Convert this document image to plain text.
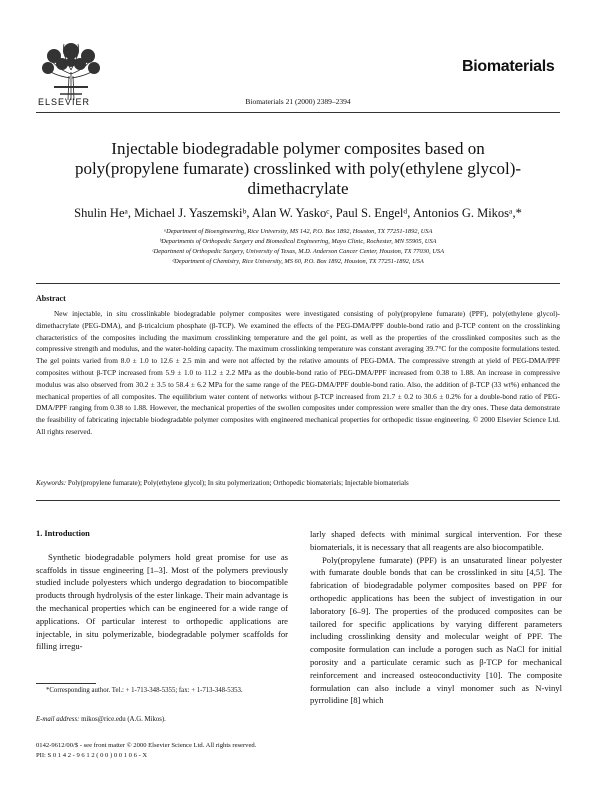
ELSEVIER
Biomaterials
Biomaterials 21 (2000) 2389–2394
Injectable biodegradable polymer composites based on poly(propylene fumarate) crosslinked with poly(ethylene glycol)-dimethacrylate
Shulin Heᵃ, Michael J. Yaszemskiᵇ, Alan W. Yaskoᶜ, Paul S. Engelᵈ, Antonios G. Mikosᵃ,*
ᵃDepartment of Bioengineering, Rice University, MS 142, P.O. Box 1892, Houston, TX 77251-1892, USA
ᵇDepartments of Orthopedic Surgery and Biomedical Engineering, Mayo Clinic, Rochester, MN 55905, USA
ᶜDepartment of Orthopedic Surgery, University of Texas, M.D. Anderson Cancer Center, Houston, TX 77030, USA
ᵈDepartment of Chemistry, Rice University, MS 60, P.O. Box 1892, Houston, TX 77251-1892, USA
Abstract
New injectable, in situ crosslinkable biodegradable polymer composites were investigated consisting of poly(propylene fumarate) (PPF), poly(ethylene glycol)-dimethacrylate (PEG-DMA), and β-tricalcium phosphate (β-TCP). We examined the effects of the PEG-DMA/PPF double-bond ratio and β-TCP content on the crosslinking characteristics of the composites including the maximum crosslinking temperature and the gel point, as well as the properties of the crosslinked composites such as the compressive strength and modulus, and the water-holding capacity. The maximum crosslinking temperature was constant averaging 39.7°C for the composite formulations tested. The gel points varied from 8.0 ± 1.0 to 12.6 ± 2.5 min and were not affected by the relative amounts of PEG-DMA. The compressive strength at yield of PEG-DMA/PPF composites without β-TCP increased from 5.9 ± 1.0 to 11.2 ± 2.2 MPa as the double-bond ratio of PEG-DMA/PPF increased from 0.38 to 1.88. An increase in compressive modulus was also observed from 30.2 ± 3.5 to 58.4 ± 6.2 MPa for the same range of the PEG-DMA/PPF double-bond ratio. Also, the addition of β-TCP (33 wt%) enhanced the mechanical properties of all composites. The equilibrium water content of networks without β-TCP increased from 21.7 ± 0.2 to 30.6 ± 0.2% for a double-bond ratio of PEG-DMA/PPF ranging from 0.38 to 1.88. However, the mechanical properties of the swollen composites under compression were smaller than the dry ones. These data demonstrate the feasibility of fabricating injectable biodegradable polymer composites with engineered mechanical properties for orthopedic tissue engineering. © 2000 Elsevier Science Ltd. All rights reserved.
Keywords: Poly(propylene fumarate); Poly(ethylene glycol); In situ polymerization; Orthopedic biomaterials; Injectable biomaterials
1. Introduction

Synthetic biodegradable polymers hold great promise for use as scaffolds in tissue engineering [1–3]. Most of the polymers previously studied include polyesters which undergo degradation to biocompatible products through hydrolysis of the ester linkage. Their main advantage is the mechanical properties which can be engineered for a wide range of applications. Of particular interest to orthopedic applications are injectable, in situ polymerizable, biodegradable polymer scaffolds for filling irregu-

larly shaped defects with minimal surgical intervention. For these biomaterials, it is necessary that all reagents are also biocompatible.

Poly(propylene fumarate) (PPF) is an unsaturated linear polyester with fumarate double bonds that can be crosslinked in situ [4,5]. The fabrication of biodegradable polymer composites based on PPF for orthopedic applications has been the subject of investigation in our laboratory [6–9]. The properties of the produced composites can be tailored for specific applications by varying different parameters including crosslinking density and molecular weight of PPF. The composite formulation can include a porogen such as NaCl for initial porosity and a particulate ceramic such as β-TCP for mechanical reinforcement and increased osteoconductivity [10]. The composite formulation can also include a vinyl monomer such as N-vinyl pyrrolidine [8] which

*Corresponding author. Tel.: + 1-713-348-5355; fax: + 1-713-348-5353.
E-mail address: mikos@rice.edu (A.G. Mikos).
0142-9612/00/$ - see front matter © 2000 Elsevier Science Ltd. All rights reserved.
PII: S 0 1 4 2 - 9 6 1 2 ( 0 0 ) 0 0 1 0 6 - X
